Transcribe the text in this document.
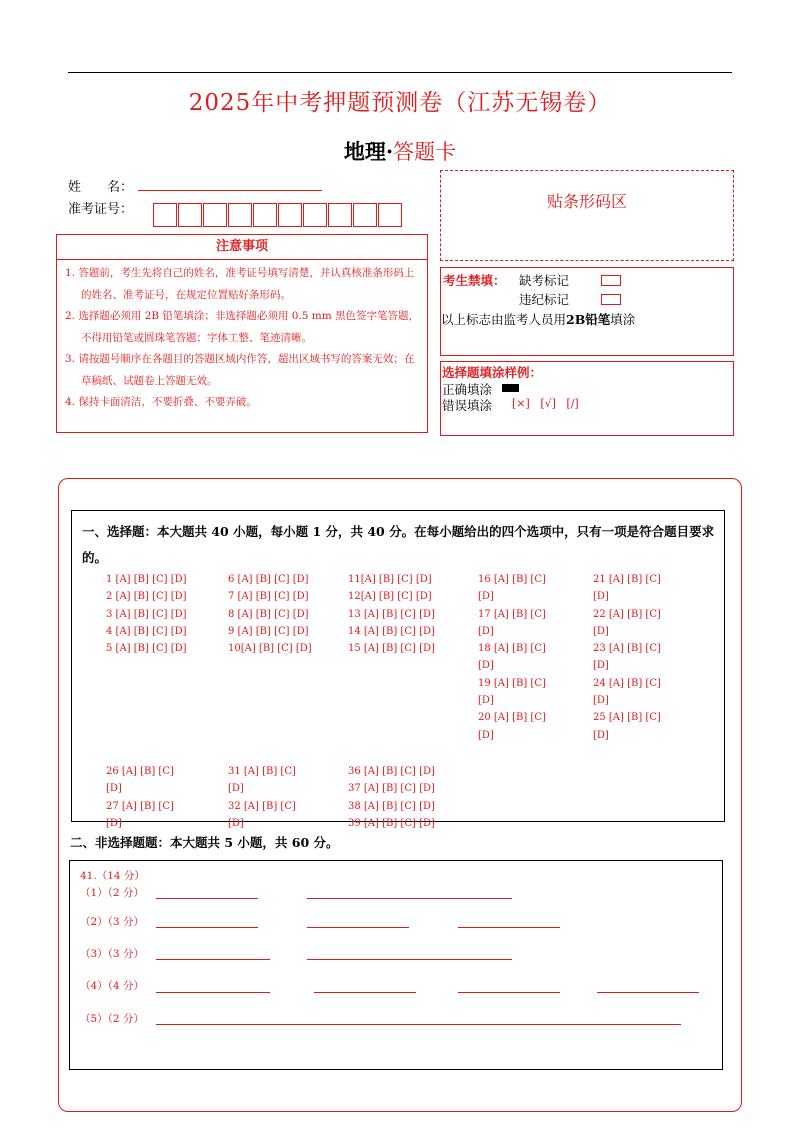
2025年中考押题预测卷（江苏无锡卷）
地理·答题卡
姓　　名：
准考证号：
注意事项
1. 答题前，考生先将自己的姓名，准考证号填写清楚，并认真核准条形码上的姓名、准考证号，在规定位置贴好条形码。
2. 选择题必须用 2B 铅笔填涂；非选择题必须用 0.5 mm 黑色签字笔答题，不得用铅笔或圆珠笔答题；字体工整、笔迹清晰。
3. 请按题号顺序在各题目的答题区域内作答，超出区域书写的答案无效；在草稿纸、试题卷上答题无效。
4. 保持卡面清洁，不要折叠、不要弄破。
贴条形码区
考生禁填： 缺考标记
违纪标记
以上标志由监考人员用2B铅笔填涂
选择题填涂样例：
正确填涂
错误填涂 [×] [√] [/]
一、选择题：本大题共 40 小题，每小题 1 分，共 40 分。在每小题给出的四个选项中，只有一项是符合题目要求的。
1 [A] [B] [C] [D]
2 [A] [B] [C] [D]
3 [A] [B] [C] [D]
4 [A] [B] [C] [D]
5 [A] [B] [C] [D]
6 [A] [B] [C] [D]
7 [A] [B] [C] [D]
8 [A] [B] [C] [D]
9 [A] [B] [C] [D]
10[A] [B] [C] [D]
11[A] [B] [C] [D]
12[A] [B] [C] [D]
13 [A] [B] [C] [D]
14 [A] [B] [C] [D]
15 [A] [B] [C] [D]
16 [A] [B] [C]
[D]
17 [A] [B] [C]
[D]
18 [A] [B] [C]
[D]
19 [A] [B] [C]
[D]
20 [A] [B] [C]
[D]
21 [A] [B] [C]
[D]
22 [A] [B] [C]
[D]
23 [A] [B] [C]
[D]
24 [A] [B] [C]
[D]
25 [A] [B] [C]
[D]
26 [A] [B] [C]
[D]
27 [A] [B] [C]
[D]
31 [A] [B] [C]
[D]
32 [A] [B] [C]
[D]
36 [A] [B] [C] [D]
37 [A] [B] [C] [D]
38 [A] [B] [C] [D]
39 [A] [B] [C] [D]
二、非选择题题：本大题共 5 小题，共 60 分。
41.（14 分）
（1）（2 分）
（2）（3 分）
（3）（3 分）
（4）（4 分）
（5）（2 分）
